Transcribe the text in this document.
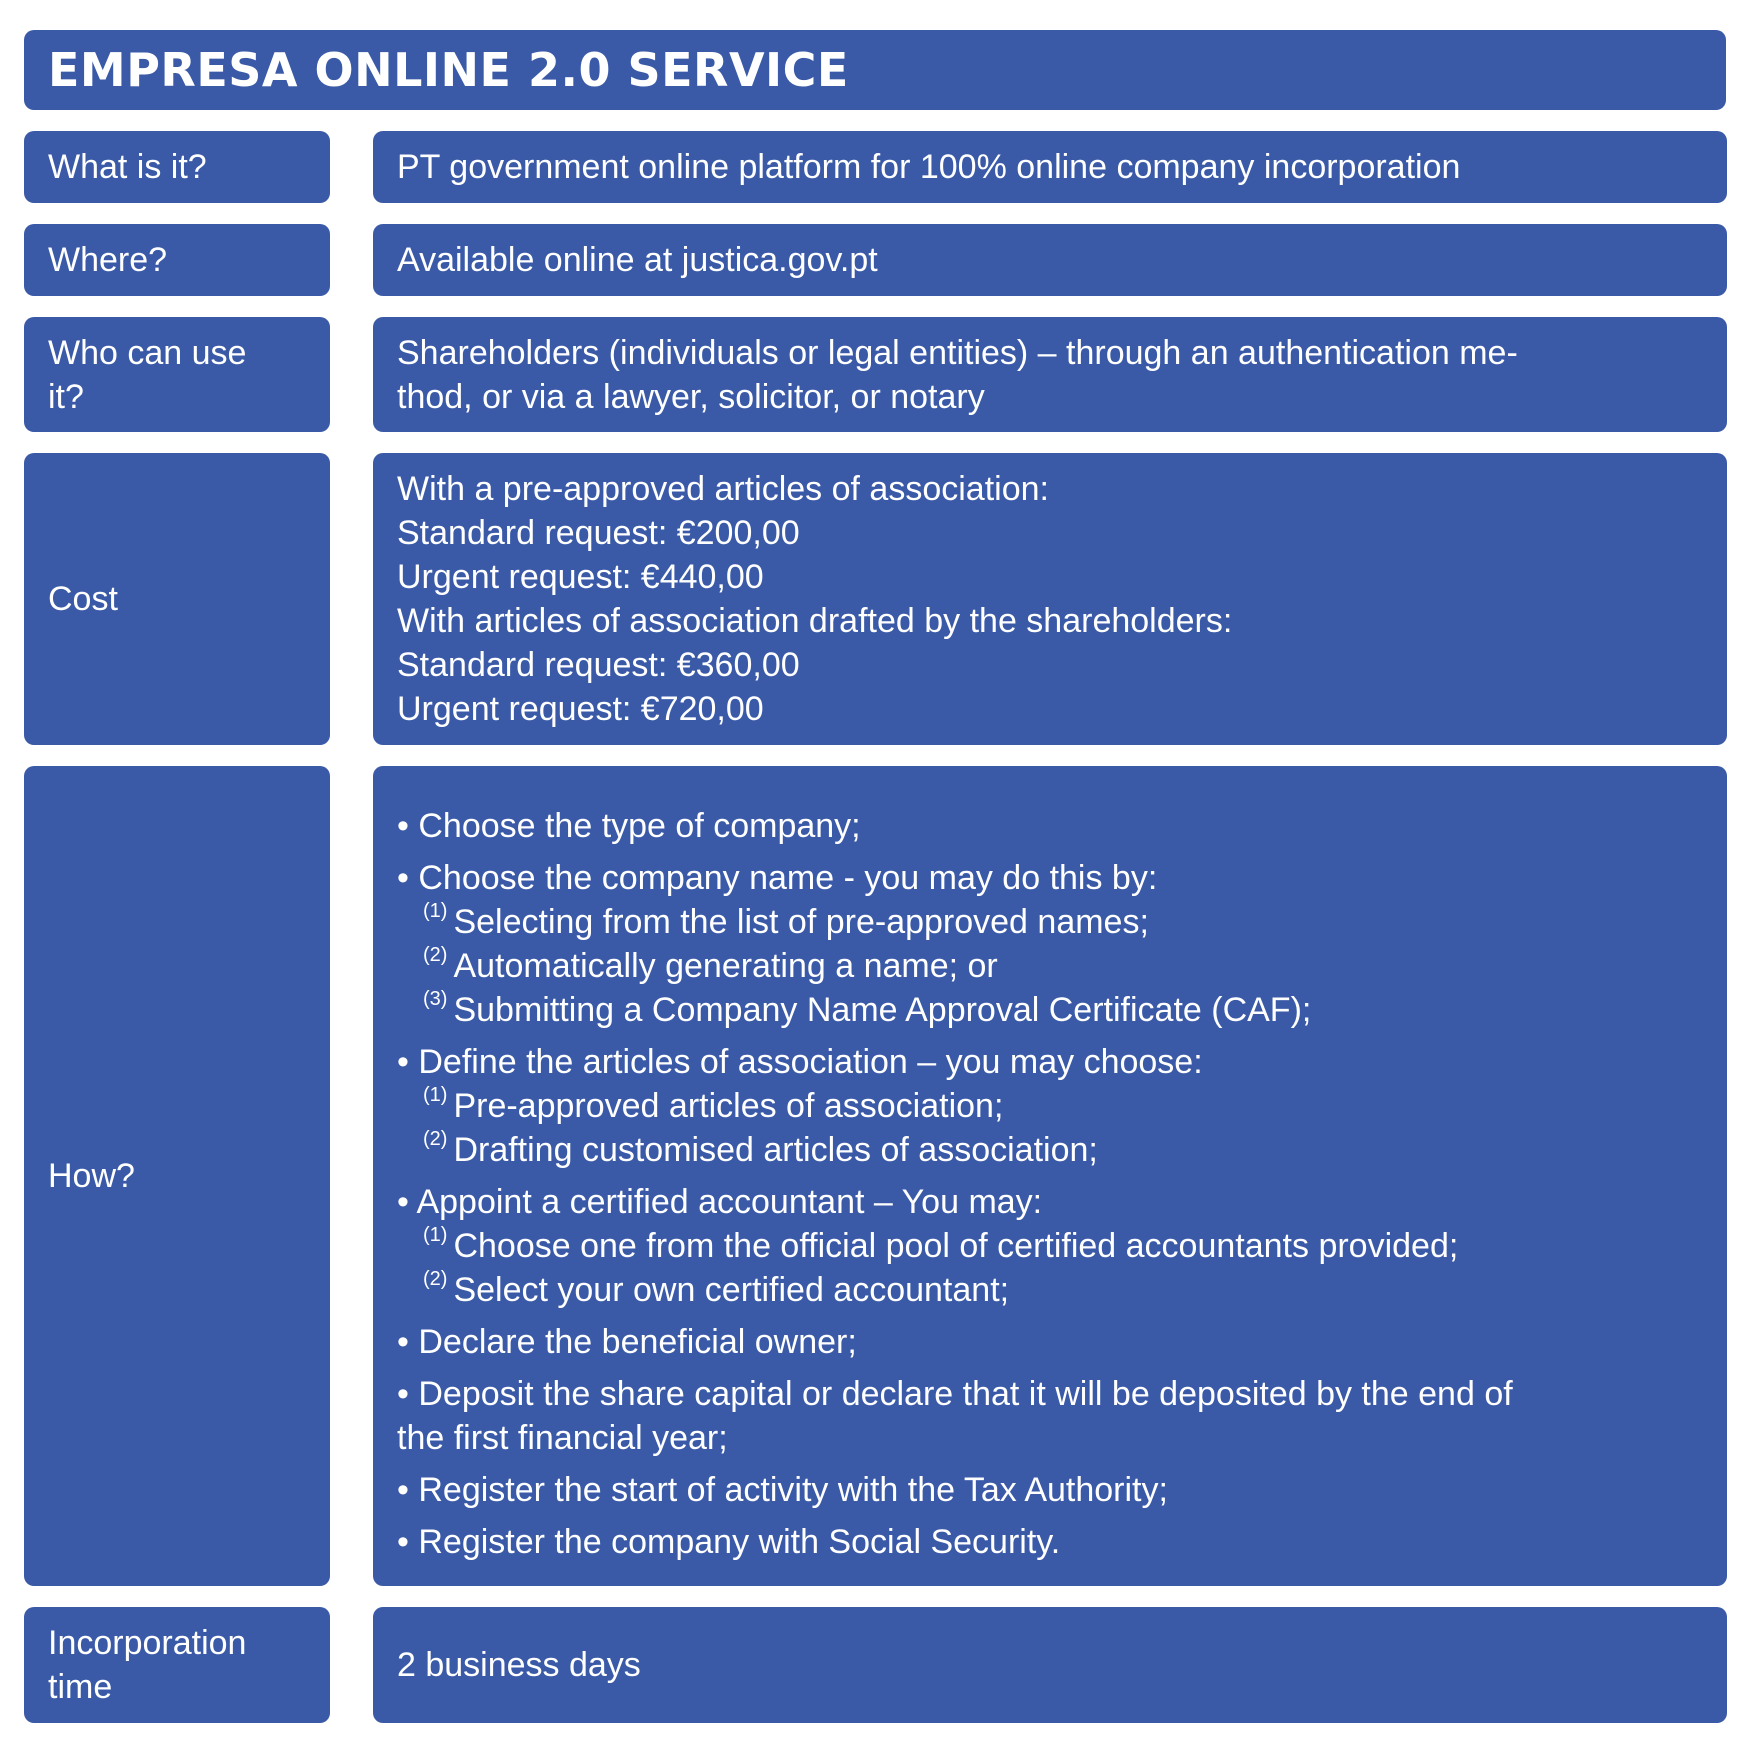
EMPRESA ONLINE 2.0 SERVICE
What is it?	PT government online platform for 100% online company incorporation
Where?	Available online at justica.gov.pt
Who can use
it?
Shareholders (individuals or legal entities) – through an authentication me-
thod, or via a lawyer, solicitor, or notary
Cost
With a pre-approved articles of association:
Standard request: €200,00
Urgent request: €440,00
With articles of association drafted by the shareholders:
Standard request: €360,00
Urgent request: €720,00
How?
• Choose the type of company;
• Choose the company name - you may do this by:
$^{(1)}$ Selecting from the list of pre-approved names;
$^{(2)}$ Automatically generating a name; or
$^{(3)}$ Submitting a Company Name Approval Certificate (CAF);
• Define the articles of association – you may choose:
$^{(1)}$ Pre-approved articles of association;
$^{(2)}$ Drafting customised articles of association;
• Appoint a certified accountant – You may:
$^{(1)}$ Choose one from the official pool of certified accountants provided;
$^{(2)}$ Select your own certified accountant;
• Declare the beneficial owner;
• Deposit the share capital or declare that it will be deposited by the end of
the first financial year;
• Register the start of activity with the Tax Authority;
• Register the company with Social Security.
Incorporation
time
2 business days
